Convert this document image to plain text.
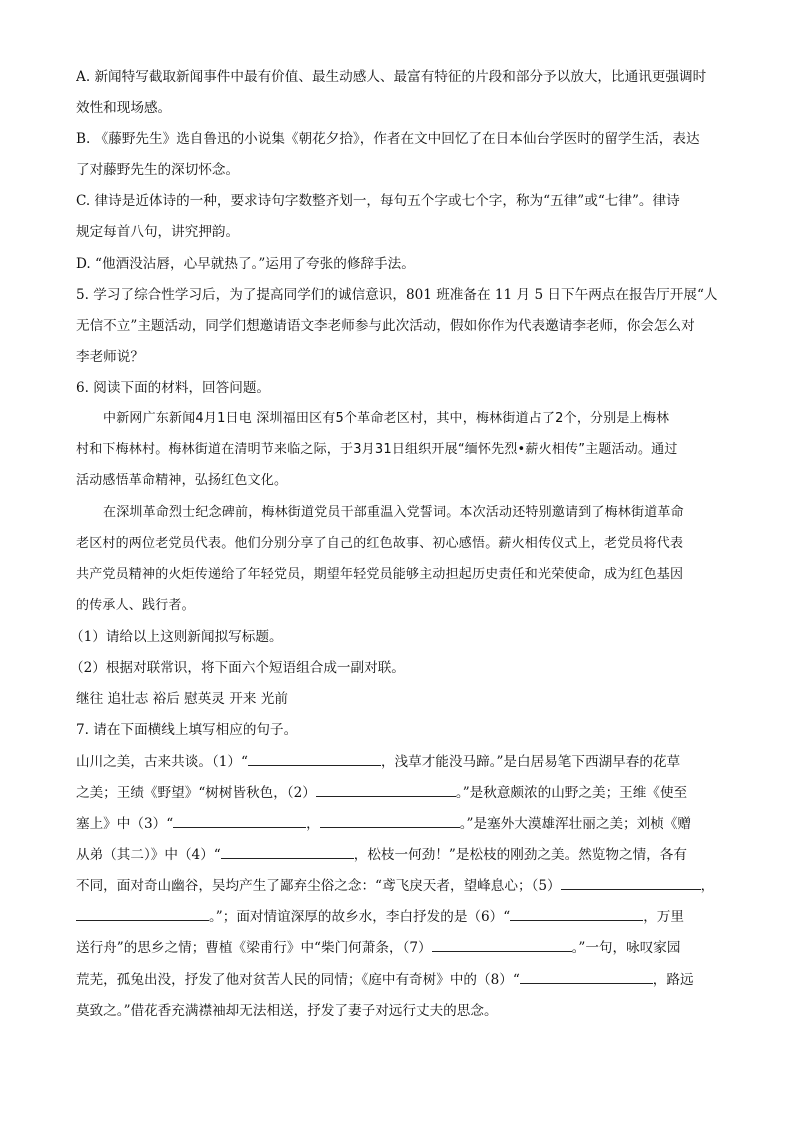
A. 新闻特写截取新闻事件中最有价值、最生动感人、最富有特征的片段和部分予以放大，比通讯更强调时
效性和现场感。
B. 《藤野先生》选自鲁迅的小说集《朝花夕拾》，作者在文中回忆了在日本仙台学医时的留学生活，表达
了对藤野先生的深切怀念。
C. 律诗是近体诗的一种，要求诗句字数整齐划一，每句五个字或七个字，称为“五律”或“七律”。律诗
规定每首八句，讲究押韵。
D. “他酒没沾唇，心早就热了。”运用了夸张的修辞手法。
5. 学习了综合性学习后，为了提高同学们的诚信意识，801 班准备在 11 月 5 日下午两点在报告厅开展“人
无信不立”主题活动，同学们想邀请语文李老师参与此次活动，假如你作为代表邀请李老师，你会怎么对
李老师说？
6. 阅读下面的材料，回答问题。
中新网广东新闻4月1日电 深圳福田区有5个革命老区村，其中，梅林街道占了2个，分别是上梅林
村和下梅林村。梅林街道在清明节来临之际，于3月31日组织开展“缅怀先烈•薪火相传”主题活动。通过
活动感悟革命精神，弘扬红色文化。
在深圳革命烈士纪念碑前，梅林街道党员干部重温入党誓词。本次活动还特别邀请到了梅林街道革命
老区村的两位老党员代表。他们分别分享了自己的红色故事、初心感悟。薪火相传仪式上，老党员将代表
共产党员精神的火炬传递给了年轻党员，期望年轻党员能够主动担起历史责任和光荣使命，成为红色基因
的传承人、践行者。
（1）请给以上这则新闻拟写标题。
（2）根据对联常识，将下面六个短语组合成一副对联。
继往 追壮志 裕后 慰英灵 开来 光前
7. 请在下面横线上填写相应的句子。
山川之美，古来共谈。（1）“	，浅草才能没马蹄。”是白居易笔下西湖早春的花草
之美；王绩《野望》“树树皆秋色，（2）	。”是秋意颇浓的山野之美；王维《使至
塞上》中（3）“	，	。”是塞外大漠雄浑壮丽之美；刘桢《赠
从弟（其二）》中（4）“	，松枝一何劲！”是松枝的刚劲之美。然览物之情，各有
不同，面对奇山幽谷，吴均产生了鄙弃尘俗之念：“鸢飞戾天者，望峰息心；（5）	，
。”；面对情谊深厚的故乡水，李白抒发的是（6）“	，万里
送行舟”的思乡之情；曹植《梁甫行》中“柴门何萧条，（7）	。”一句，咏叹家园
荒芜，孤兔出没，抒发了他对贫苦人民的同情；《庭中有奇树》中的（8）“	，路远
莫致之。”借花香充满襟袖却无法相送，抒发了妻子对远行丈夫的思念。
